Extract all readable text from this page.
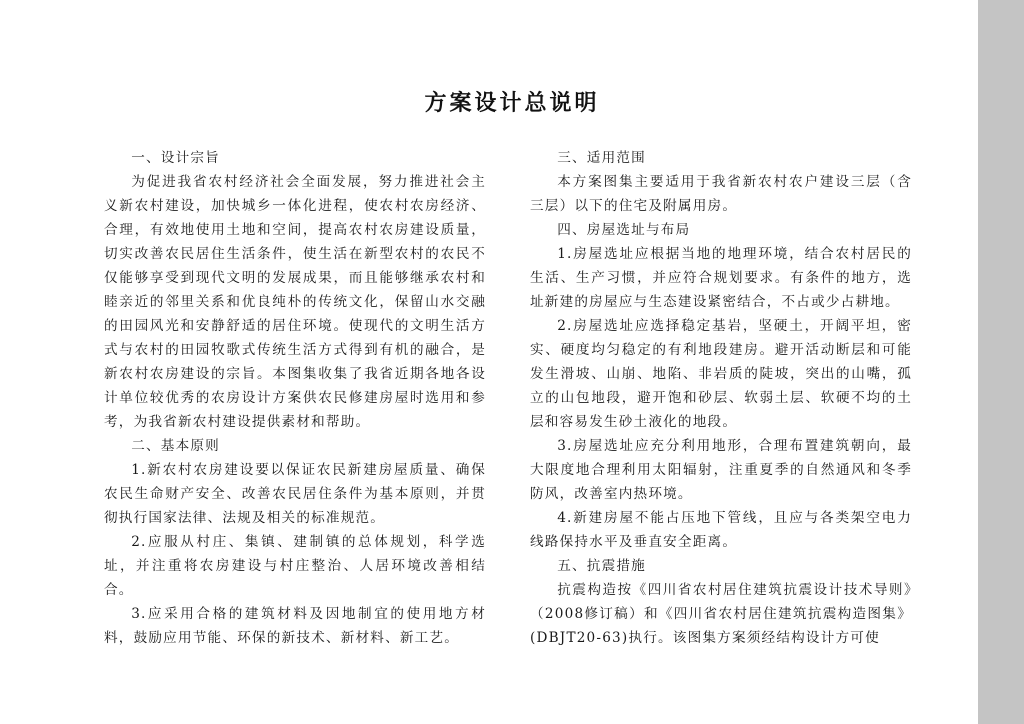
方案设计总说明

一、设计宗旨

为促进我省农村经济社会全面发展，努力推进社会主义新农村建设，加快城乡一体化进程，使农村农房经济、合理，有效地使用土地和空间，提高农村农房建设质量，切实改善农民居住生活条件，使生活在新型农村的农民不仅能够享受到现代文明的发展成果，而且能够继承农村和睦亲近的邻里关系和优良纯朴的传统文化，保留山水交融的田园风光和安静舒适的居住环境。使现代的文明生活方式与农村的田园牧歌式传统生活方式得到有机的融合，是新农村农房建设的宗旨。本图集收集了我省近期各地各设计单位较优秀的农房设计方案供农民修建房屋时选用和参考，为我省新农村建设提供素材和帮助。

二、基本原则

1.新农村农房建设要以保证农民新建房屋质量、确保农民生命财产安全、改善农民居住条件为基本原则，并贯彻执行国家法律、法规及相关的标准规范。

2.应服从村庄、集镇、建制镇的总体规划，科学选址，并注重将农房建设与村庄整治、人居环境改善相结合。

3.应采用合格的建筑材料及因地制宜的使用地方材料，鼓励应用节能、环保的新技术、新材料、新工艺。

三、适用范围

本方案图集主要适用于我省新农村农户建设三层（含三层）以下的住宅及附属用房。

四、房屋选址与布局

1.房屋选址应根据当地的地理环境，结合农村居民的生活、生产习惯，并应符合规划要求。有条件的地方，选址新建的房屋应与生态建设紧密结合，不占或少占耕地。

2.房屋选址应选择稳定基岩，坚硬土，开阔平坦，密实、硬度均匀稳定的有利地段建房。避开活动断层和可能发生滑坡、山崩、地陷、非岩质的陡坡，突出的山嘴，孤立的山包地段，避开饱和砂层、软弱土层、软硬不均的土层和容易发生砂土液化的地段。

3.房屋选址应充分利用地形，合理布置建筑朝向，最大限度地合理利用太阳辐射，注重夏季的自然通风和冬季防风，改善室内热环境。

4.新建房屋不能占压地下管线，且应与各类架空电力线路保持水平及垂直安全距离。

五、抗震措施

抗震构造按《四川省农村居住建筑抗震设计技术导则》（2008修订稿）和《四川省农村居住建筑抗震构造图集》(DBJT20-63)执行。该图集方案须经结构设计方可使
